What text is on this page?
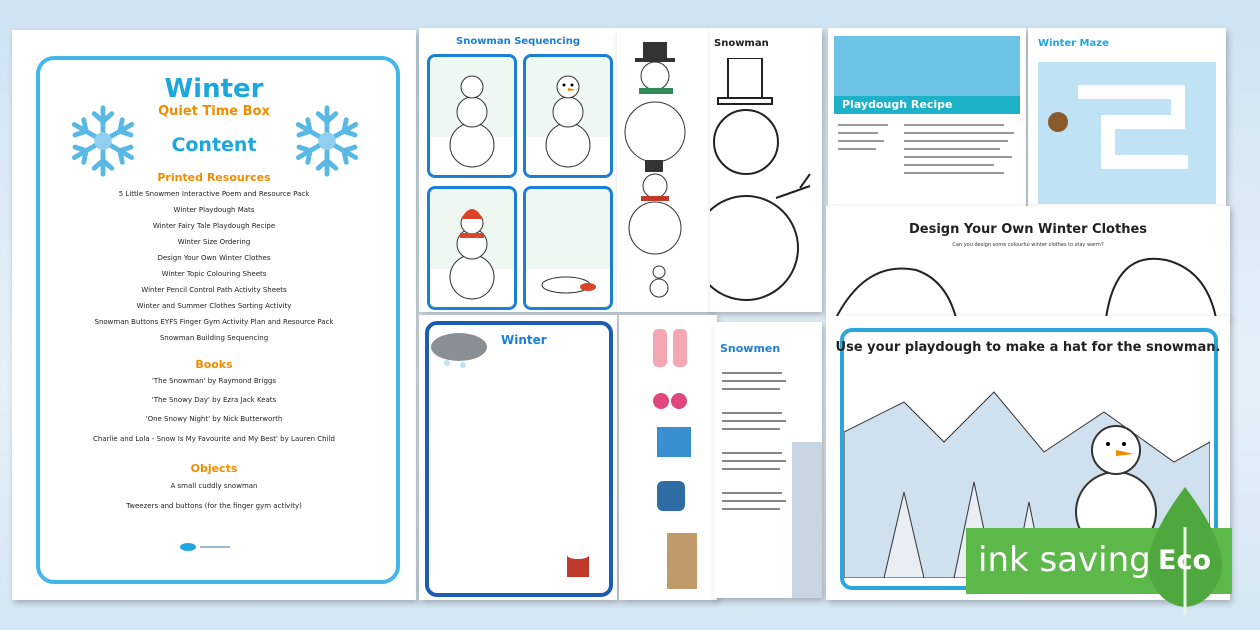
Winter
Quiet Time Box
Content
Printed Resources
5 Little Snowmen Interactive Poem and Resource Pack
Winter Playdough Mats
Winter Fairy Tale Playdough Recipe
Winter Size Ordering
Design Your Own Winter Clothes
Winter Topic Colouring Sheets
Winter Pencil Control Path Activity Sheets
Winter and Summer Clothes Sorting Activity
Snowman Buttons EYFS Finger Gym Activity Plan and Resource Pack
Snowman Building Sequencing
Books
'The Snowman' by Raymond Briggs
'The Snowy Day' by Ezra Jack Keats
'One Snowy Night' by Nick Butterworth
Charlie and Lola - Snow Is My Favourite and My Best' by Lauren Child
Objects
A small cuddly snowman
Tweezers and buttons (for the finger gym activity)
Snowman Sequencing	Snowman
Playdough Recipe
Winter Maze
Design Your Own Winter Clothes
Can you design some colourful winter clothes to stay warm?
Winter
Snowmen	Use your playdough to make a hat for the snowman.
ink saving Eco
